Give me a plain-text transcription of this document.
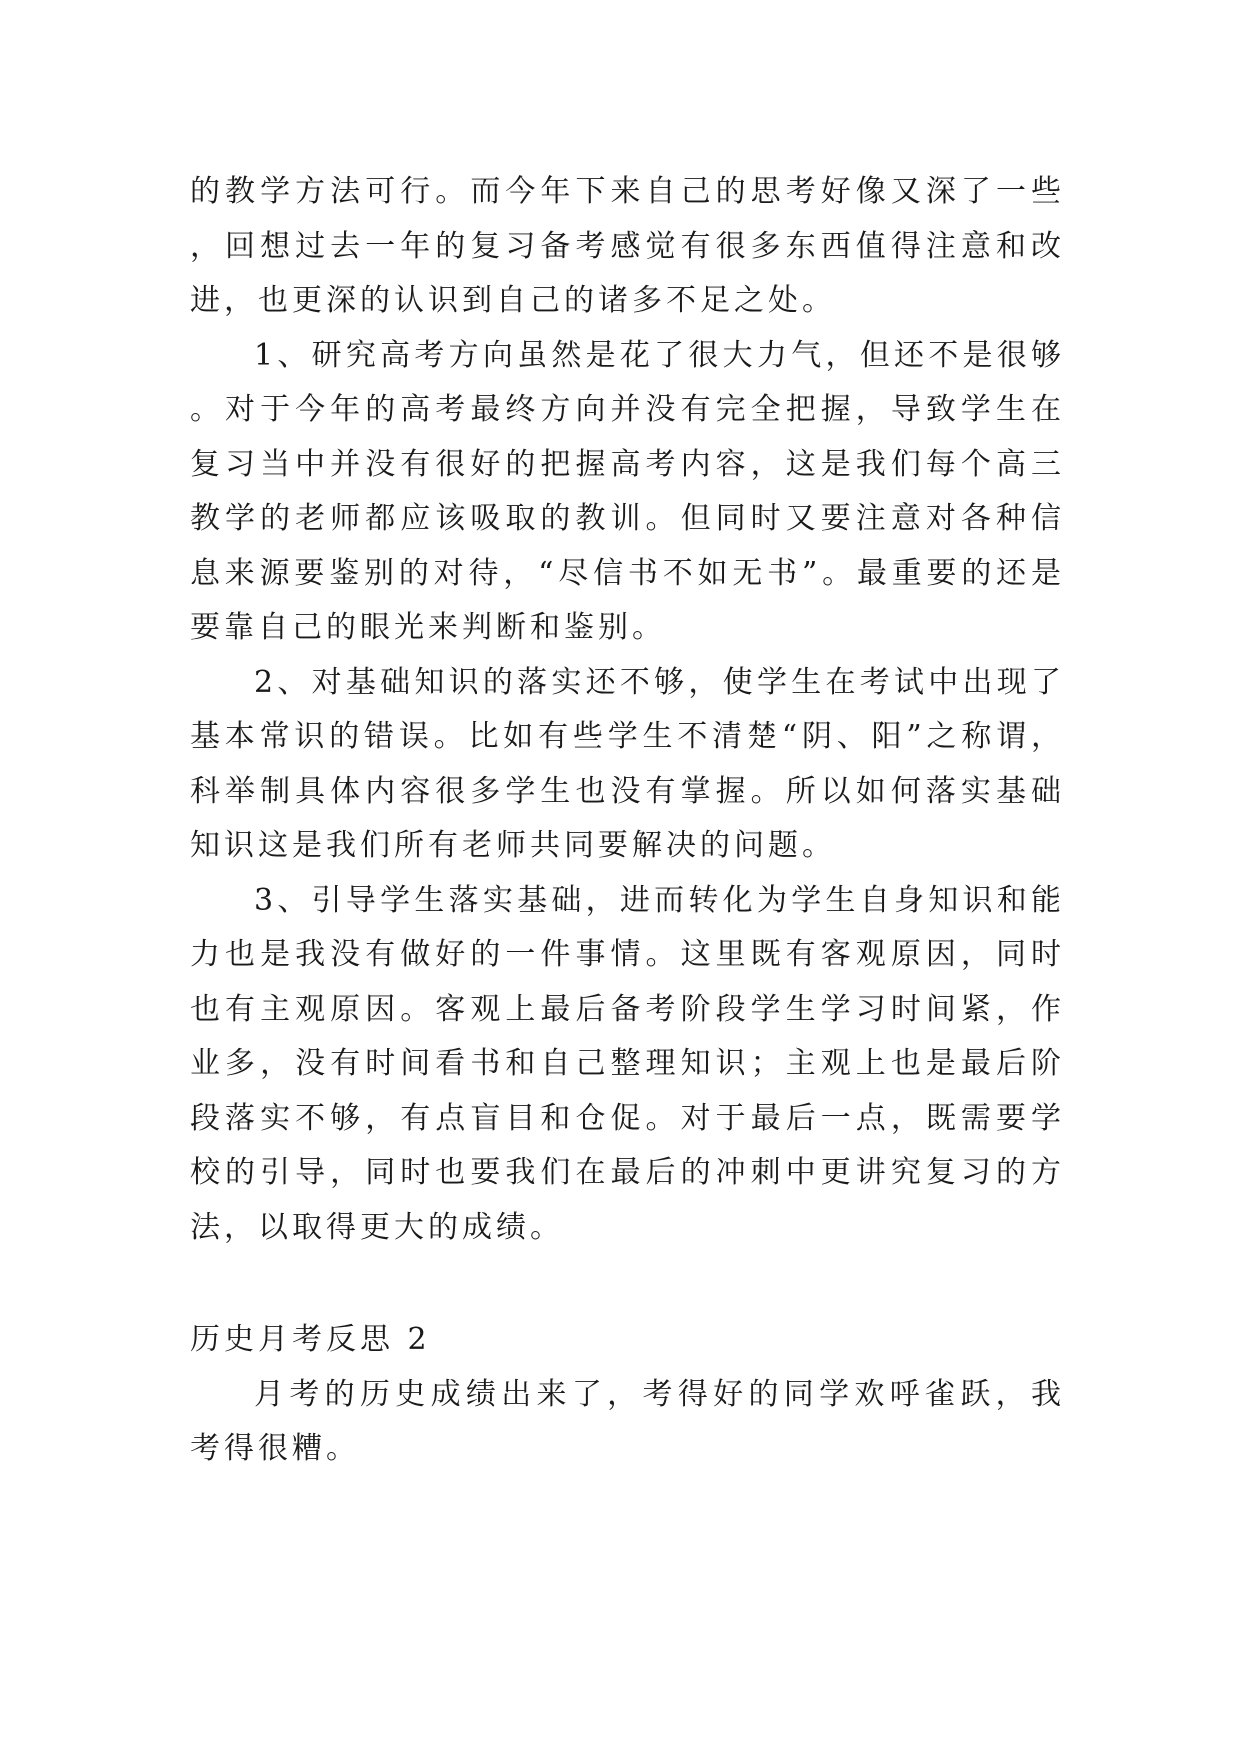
的教学方法可行。而今年下来自己的思考好像又深了一些，回想过去一年的复习备考感觉有很多东西值得注意和改进，也更深的认识到自己的诸多不足之处。

1、研究高考方向虽然是花了很大力气，但还不是很够。对于今年的高考最终方向并没有完全把握，导致学生在复习当中并没有很好的把握高考内容，这是我们每个高三教学的老师都应该吸取的教训。但同时又要注意对各种信息来源要鉴别的对待，“尽信书不如无书”。最重要的还是要靠自己的眼光来判断和鉴别。

2、对基础知识的落实还不够，使学生在考试中出现了基本常识的错误。比如有些学生不清楚“阴、阳”之称谓，科举制具体内容很多学生也没有掌握。所以如何落实基础知识这是我们所有老师共同要解决的问题。

3、引导学生落实基础，进而转化为学生自身知识和能力也是我没有做好的一件事情。这里既有客观原因，同时也有主观原因。客观上最后备考阶段学生学习时间紧，作业多，没有时间看书和自己整理知识；主观上也是最后阶段落实不够，有点盲目和仓促。对于最后一点，既需要学校的引导，同时也要我们在最后的冲刺中更讲究复习的方法，以取得更大的成绩。

历史月考反思 2

月考的历史成绩出来了，考得好的同学欢呼雀跃，我考得很糟。
